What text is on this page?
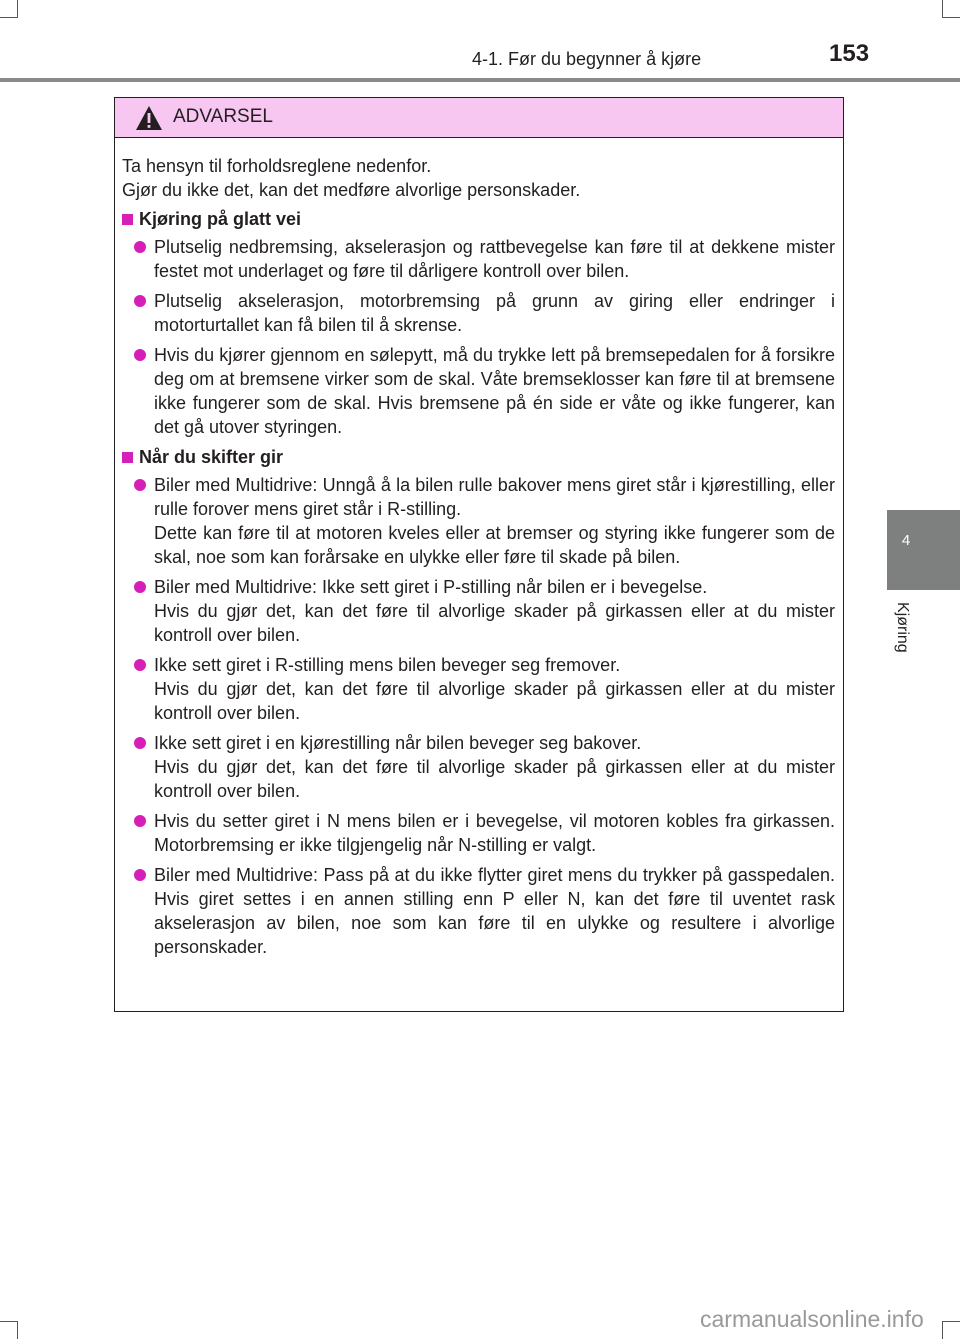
4-1. Før du begynner å kjøre	153
4
Kjøring
ADVARSEL

Ta hensyn til forholdsreglene nedenfor.
Gjør du ikke det, kan det medføre alvorlige personskader.

Kjøring på glatt vei
Plutselig nedbremsing, akselerasjon og rattbevegelse kan føre til at dekkene mister festet mot underlaget og føre til dårligere kontroll over bilen.
Plutselig akselerasjon, motorbremsing på grunn av giring eller endringer i motorturtallet kan få bilen til å skrense.
Hvis du kjører gjennom en sølepytt, må du trykke lett på bremsepedalen for å forsikre deg om at bremsene virker som de skal. Våte bremseklosser kan føre til at bremsene ikke fungerer som de skal. Hvis bremsene på én side er våte og ikke fungerer, kan det gå utover styringen.
Når du skifter gir
Biler med Multidrive: Unngå å la bilen rulle bakover mens giret står i kjørestilling, eller rulle forover mens giret står i R-stilling.
Dette kan føre til at motoren kveles eller at bremser og styring ikke fungerer som de skal, noe som kan forårsake en ulykke eller føre til skade på bilen.
Biler med Multidrive: Ikke sett giret i P-stilling når bilen er i bevegelse.
Hvis du gjør det, kan det føre til alvorlige skader på girkassen eller at du mister kontroll over bilen.
Ikke sett giret i R-stilling mens bilen beveger seg fremover.
Hvis du gjør det, kan det føre til alvorlige skader på girkassen eller at du mister kontroll over bilen.
Ikke sett giret i en kjørestilling når bilen beveger seg bakover.
Hvis du gjør det, kan det føre til alvorlige skader på girkassen eller at du mister kontroll over bilen.
Hvis du setter giret i N mens bilen er i bevegelse, vil motoren kobles fra girkassen. Motorbremsing er ikke tilgjengelig når N-stilling er valgt.
Biler med Multidrive: Pass på at du ikke flytter giret mens du trykker på gasspedalen. Hvis giret settes i en annen stilling enn P eller N, kan det føre til uventet rask akselerasjon av bilen, noe som kan føre til en ulykke og resultere i alvorlige personskader.
carmanualsonline.info
